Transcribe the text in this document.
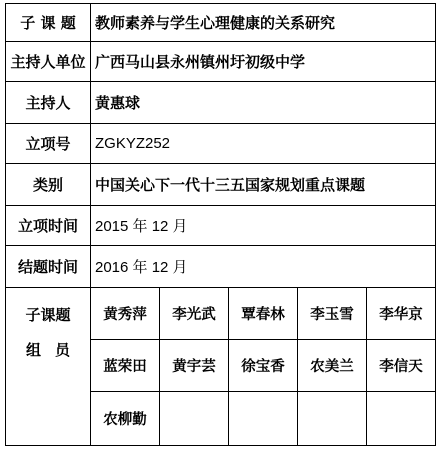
子 课 题	教师素养与学生心理健康的关系研究				
主持人单位	广西马山县永州镇州圩初级中学				
主持人	黄惠球				
立项号	ZGKYZ252				
类别	中国关心下一代十三五国家规划重点课题				
立项时间	2015 年 12 月				
结题时间	2016 年 12 月				

子课题
组员	黄秀萍	李光武	覃春林	李玉雪	李华京
	蓝荣田	黄宇芸	徐宝香	农美兰	李信天
	农柳勤				
